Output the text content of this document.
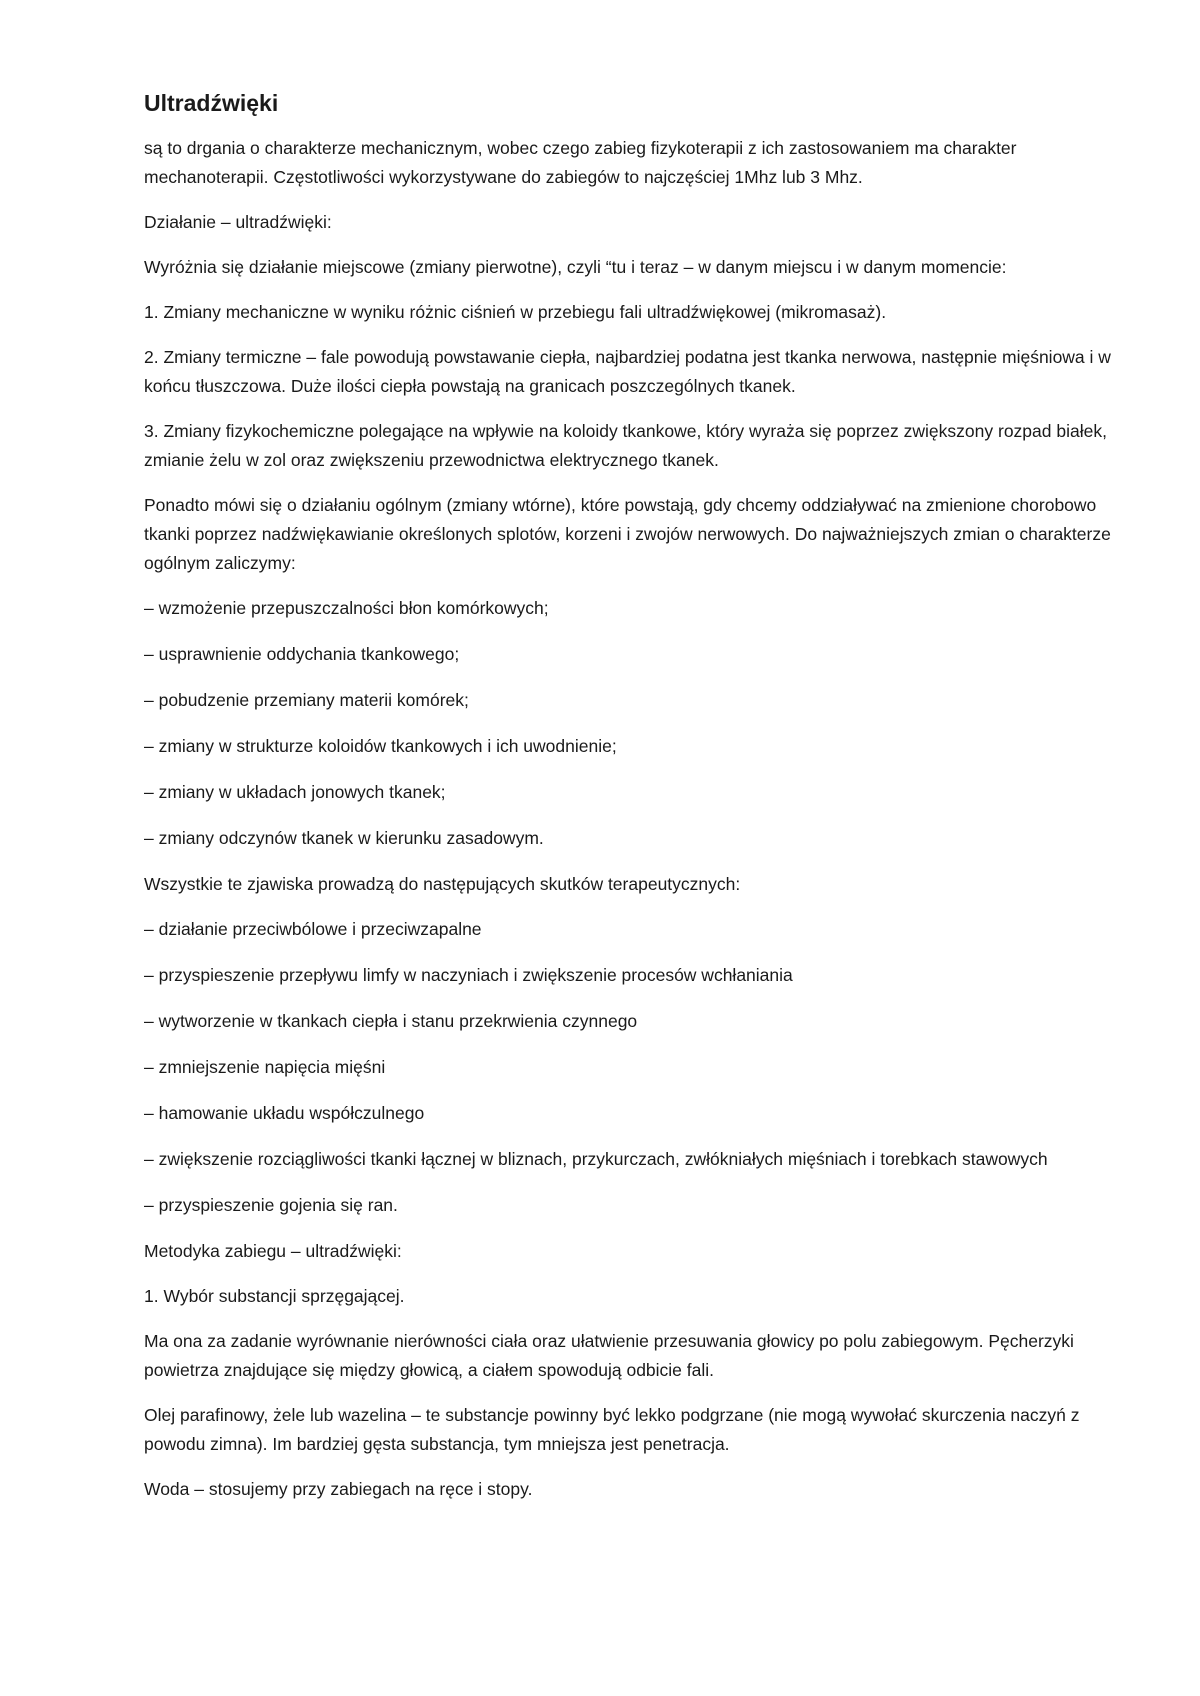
Ultradźwięki

są to drgania o charakterze mechanicznym, wobec czego zabieg fizykoterapii z ich zastosowaniem ma charakter mechanoterapii. Częstotliwości wykorzystywane do zabiegów to najczęściej 1Mhz lub 3 Mhz.

Działanie – ultradźwięki:

Wyróżnia się działanie miejscowe (zmiany pierwotne), czyli “tu i teraz – w danym miejscu i w danym momencie:

1. Zmiany mechaniczne w wyniku różnic ciśnień w przebiegu fali ultradźwiękowej (mikromasaż).

2. Zmiany termiczne – fale powodują powstawanie ciepła, najbardziej podatna jest tkanka nerwowa, następnie mięśniowa i w końcu tłuszczowa. Duże ilości ciepła powstają na granicach poszczególnych tkanek.

3. Zmiany fizykochemiczne polegające na wpływie na koloidy tkankowe, który wyraża się poprzez zwiększony rozpad białek, zmianie żelu w zol oraz zwiększeniu przewodnictwa elektrycznego tkanek.

Ponadto mówi się o działaniu ogólnym (zmiany wtórne), które powstają, gdy chcemy oddziaływać na zmienione chorobowo tkanki poprzez nadźwiękawianie określonych splotów, korzeni i zwojów nerwowych. Do najważniejszych zmian o charakterze ogólnym zaliczymy:

– wzmożenie przepuszczalności błon komórkowych;

– usprawnienie oddychania tkankowego;

– pobudzenie przemiany materii komórek;

– zmiany w strukturze koloidów tkankowych i ich uwodnienie;

– zmiany w układach jonowych tkanek;

– zmiany odczynów tkanek w kierunku zasadowym.

Wszystkie te zjawiska prowadzą do następujących skutków terapeutycznych:

– działanie przeciwbólowe i przeciwzapalne

– przyspieszenie przepływu limfy w naczyniach i zwiększenie procesów wchłaniania

– wytworzenie w tkankach ciepła i stanu przekrwienia czynnego

– zmniejszenie napięcia mięśni

– hamowanie układu współczulnego

– zwiększenie rozciągliwości tkanki łącznej w bliznach, przykurczach, zwłókniałych mięśniach i torebkach stawowych

– przyspieszenie gojenia się ran.

Metodyka zabiegu – ultradźwięki:

1. Wybór substancji sprzęgającej.

Ma ona za zadanie wyrównanie nierówności ciała oraz ułatwienie przesuwania głowicy po polu zabiegowym. Pęcherzyki powietrza znajdujące się między głowicą, a ciałem spowodują odbicie fali.

Olej parafinowy, żele lub wazelina – te substancje powinny być lekko podgrzane (nie mogą wywołać skurczenia naczyń z powodu zimna). Im bardziej gęsta substancja, tym mniejsza jest penetracja.

Woda – stosujemy przy zabiegach na ręce i stopy.
